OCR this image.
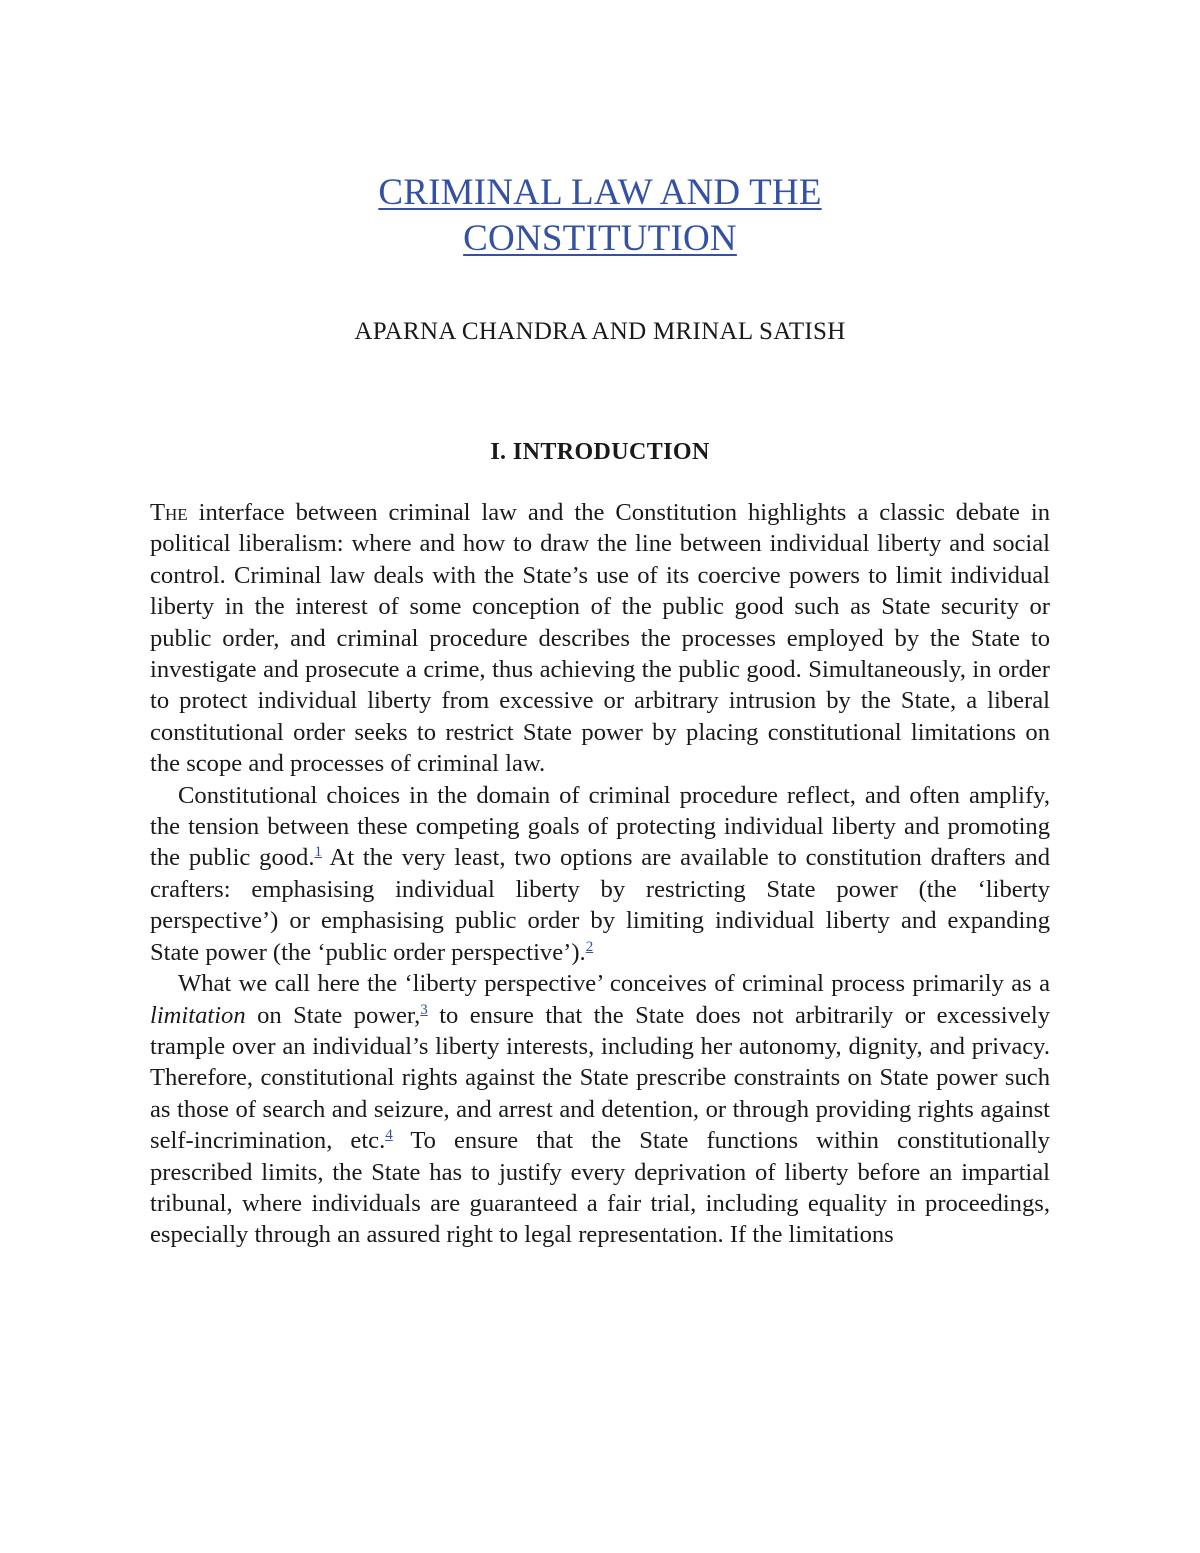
CRIMINAL LAW AND THE
CONSTITUTION
APARNA CHANDRA AND MRINAL SATISH
I. INTRODUCTION

The interface between criminal law and the Constitution highlights a classic debate in political liberalism: where and how to draw the line between individual liberty and social control. Criminal law deals with the State’s use of its coercive powers to limit individual liberty in the interest of some conception of the public good such as State security or public order, and criminal procedure describes the processes employed by the State to investigate and prosecute a crime, thus achieving the public good. Simultaneously, in order to protect individual liberty from excessive or arbitrary intrusion by the State, a liberal constitutional order seeks to restrict State power by placing constitutional limitations on the scope and processes of criminal law.

Constitutional choices in the domain of criminal procedure reflect, and often amplify, the tension between these competing goals of protecting individual liberty and promoting the public good.$^1$ At the very least, two options are available to constitution drafters and crafters: emphasising individual liberty by restricting State power (the ‘liberty perspective’) or emphasising public order by limiting individual liberty and expanding State power (the ‘public order perspective’).$^2$

What we call here the ‘liberty perspective’ conceives of criminal process primarily as a limitation on State power,$^3$ to ensure that the State does not arbitrarily or excessively trample over an individual’s liberty interests, including her autonomy, dignity, and privacy. Therefore, constitutional rights against the State prescribe constraints on State power such as those of search and seizure, and arrest and detention, or through providing rights against self-incrimination, etc.$^4$ To ensure that the State functions within constitutionally prescribed limits, the State has to justify every deprivation of liberty before an impartial tribunal, where individuals are guaranteed a fair trial, including equality in proceedings, especially through an assured right to legal representation. If the limitations
